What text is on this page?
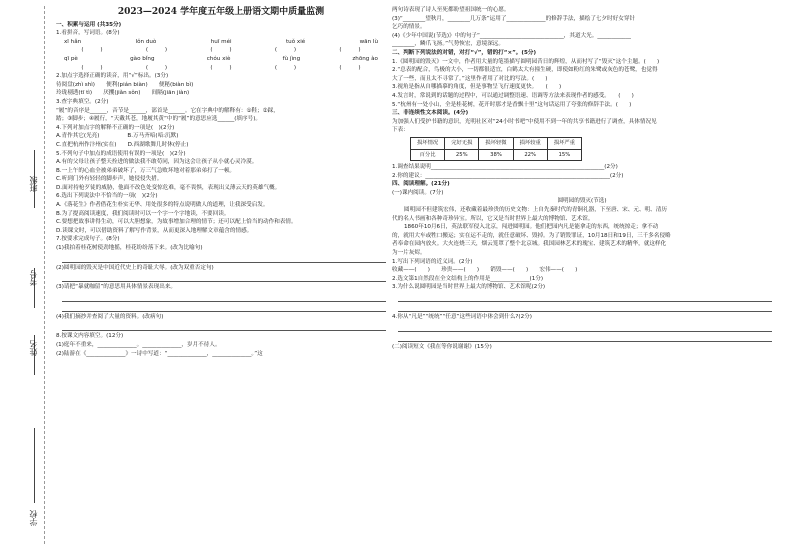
班级
考号
姓名
学校
2023—2024 学年度五年级上册语文期中质量监测
一、积累与运用 (共35分)
1.看拼音，写词语。(8分)
xī hǎn	lǒn duò	huī méi	tuǒ xié	wān lù
(　　　)	(　　　)	(　　　)	(　　　)	(　　　)
qī pè	gào bǐng	chóu xiè	fù jìng	zhōng ào
(　　　)	(　　　)	(　　　)	(　　　)	(　　　)
2.加点字选择正确的读音，用“√”标出。(3分)
待阅盘(zhì shì)　　便利(pián biàn)　　便秘(biàn bì)
玲珑剔透(tī tì)　　厌攫(jiǎn sǒn)　　间隔(jiān jiàn)
3.查字典填空。(2分)
“履”的音序是______，音节是______，部首是______。它在字典中的解释有：①鞋；②踩，
踏；③脚步；④履行，“天戴其苍，地履其黄”中的“履”的意思应选______(填序号)。
4.下列对加点字的解释不正确的一项是(　)(2分)
A.青作其它(光亮)　　　　　B.万马齐喑(喑:沉默)
C.直把杭州作汴州(实在)　　D.西湖歌舞几时休(停止)
5.不列句子中加点的成语使用有误的一项是(　)(2分)
A.有的父母让孩子整天拴进的做法我不敢苟同，因为这会让孩子从小就心灵冷漠。
B.一上午的心血全被弟弟破坏了，万三气急败坏地对着那弟弟打了一顿。
C.听到门外有轻轻的脚步声，她侵侵失措。
D.面对持枪歹徒的威胁，他面不改色处变惊危难，毫不畏惧，表现出义薄云天的英雄气概。
6.选出下列说法中不恰当的一项(　)(2分)
A.《落花生》作者借花生朴实无华、用处很多的特点说明做人的道理，让我深受启发。
B.为了提高阅读速度，我们阅读时可以一个字一个字地读，不要回读。
C.要想把故事讲得生动，可以大胆想象，为故事增加合理的情节；还可以配上恰当的动作和表情。
D.读课文时，可以借助资料了解写作背景，从而更深入地理解文章蕴含的情感。
7.按要求完成句子。(8分)
(1)我拍着桂花树使劲地摇，桂花纷纷落下来。(改为比喻句)
(2)圆明园的毁灭是中国近代史上的奇耻大辱。(改为双重否定句)
(3)请把“暴就咖留”的意思用具体情景表现出来。
(4)我们摘抄并查阅了大量的资料。(改病句)
8.按课文内容填空。(12分)
(1)庭年不重来，______________。______________，岁月不待人。
(2)陆游在《______________》一诗中写道：“______________，______________。”这
两句诗表现了诗人至死都盼望祖国统一的心愿。
(3)“________望秋月，________几万条”运用了______________的修辞手法，描绘了七夕时好女穿针
乞巧的情景。
(4)《少年中国说(节选)》中的句子“______________________________，其道大光。____________
________，鳞爪飞扬。”气势恢宏，意境深远。
二、判断下列说法的对错，对打“√”，错的打“×”。(5分)
1.《圆明园的毁灭》一文中，作者用大量的笔墨描写圆明园昔日的辉煌，从而衬写了“毁灭”这个主题。(　　)
2.“总表的配合，鸟极的大小，一切都很适宜，白鹤太大有撞生硬，即使如粉红的朱鹭或灰色的苍鹭，也觉得
大了一些，而且太不寻常了。”这里作者用了对比的写法。(　　)
3.视角是指从自哪描摹的角度，但是事物呈飞行速度更快。　　(　　)
4.发言时，常说到的话题的过程中，可以通过调整语速、语调等方法来表现作者的感受。　　(　　)
5.“杭州有一处小山，全是桂花树，花开时那才是香飘十里”这句话运用了夸张的修辞手法。(　　)
三、非连续性文本阅读。(4分)
为加强人们受护书籍的意识，光明社区对“24小时书吧”中使用不到一年的共享书籍进行了调查，具体情况见
下表：
损坏情况	完好无损	损坏轻微	损坏较重	损坏严重
百分比	25%	38%	22%	15%
1.调查结果说明______________________________________________________________(2分)
2.你的建议：__________________________________________________________________(2分)
四、阅读理解。(21分)
(一)课内阅读。(7分)
圆明园的毁灭(节选)
圆明园不但建筑宏伟，还收藏着最珍贵的历史文物：上自先秦时代的青铜礼器，下至唐、宋、元、明、清历
代的名人书画和各种奇珍异宝。所以，它又是当时世界上最大的博物馆、艺术馆。
1860年10月6日，英法联军侵入北京，闯进圆明园。他们把园内凡是能拿走的东西，统统掠走；拿不动
的，就用大车或牲口搬运；实在运不走的，就任意破坏、毁掉。为了销毁罪证，10月18日和19日，三千多名侵略
者奉命在园内放火。大火连烧三天，烟云笼罩了整个北京城。我国园林艺术的瑰宝、建筑艺术的精华，就这样化
为一片灰烬。
1.写出下列词语的近义词。(2分)
收藏——(　　)　　珍贵——(　　)　　销毁——(　　)　　宏伟——(　　)
2.选文第1自然段在全文结构上的作用是______________(1分)
3.为什么说圆明园是当时世界上最大的博物馆、艺术馆呢(2分)
4.你从“凡是”“统统”“任意”这些词语中体会到什么?(2分)
(二)阅读短文《我在等你说谢谢》(15分)
